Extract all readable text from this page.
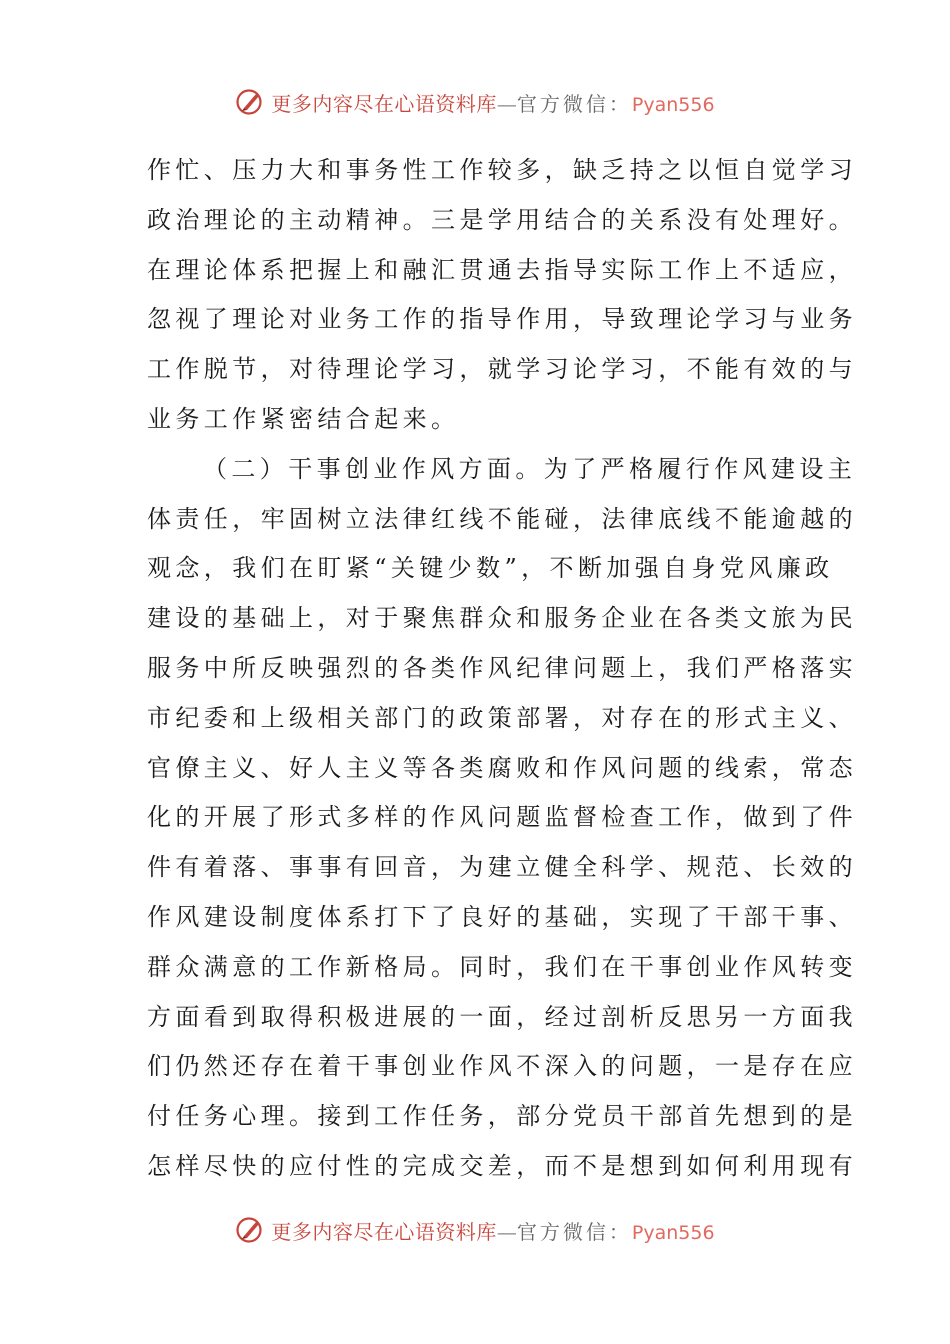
更多内容尽在心语资料库—官方微信：Pyan556
作忙、压力大和事务性工作较多，缺乏持之以恒自觉学习
政治理论的主动精神。三是学用结合的关系没有处理好。
在理论体系把握上和融汇贯通去指导实际工作上不适应，
忽视了理论对业务工作的指导作用，导致理论学习与业务
工作脱节，对待理论学习，就学习论学习，不能有效的与
业务工作紧密结合起来。
（二）干事创业作风方面。为了严格履行作风建设主
体责任，牢固树立法律红线不能碰，法律底线不能逾越的
观念，我们在盯紧“关键少数”，不断加强自身党风廉政
建设的基础上，对于聚焦群众和服务企业在各类文旅为民
服务中所反映强烈的各类作风纪律问题上，我们严格落实
市纪委和上级相关部门的政策部署，对存在的形式主义、
官僚主义、好人主义等各类腐败和作风问题的线索，常态
化的开展了形式多样的作风问题监督检查工作，做到了件
件有着落、事事有回音，为建立健全科学、规范、长效的
作风建设制度体系打下了良好的基础，实现了干部干事、
群众满意的工作新格局。同时，我们在干事创业作风转变
方面看到取得积极进展的一面，经过剖析反思另一方面我
们仍然还存在着干事创业作风不深入的问题，一是存在应
付任务心理。接到工作任务，部分党员干部首先想到的是
怎样尽快的应付性的完成交差，而不是想到如何利用现有
更多内容尽在心语资料库—官方微信：Pyan556
